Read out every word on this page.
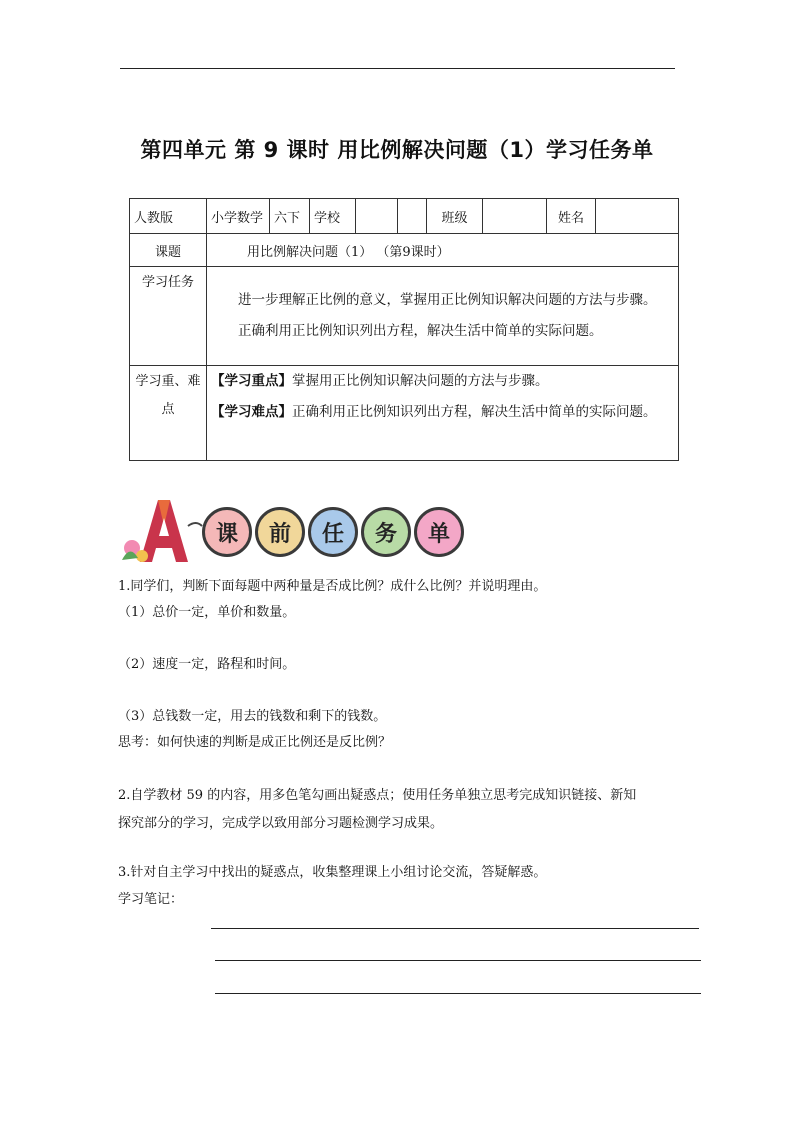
第四单元 第 9 课时 用比例解决问题（1）学习任务单
人教版	小学数学	六下	学校			班级		姓名	
课题	用比例解决问题（1） （第9课时）								
学习任务	进一步理解正比例的意义，掌握用正比例知识解决问题的方法与步骤。

正确利用正比例知识列出方程，解决生活中简单的实际问题。								

学习重、难点	【学习重点】掌握用正比例知识解决问题的方法与步骤。

【学习难点】正确利用正比例知识列出方程，解决生活中简单的实际问题。								

A
课	前	任	务	单
1.同学们，判断下面每题中两种量是否成比例？成什么比例？并说明理由。
（1）总价一定，单价和数量。
（2）速度一定，路程和时间。
（3）总钱数一定，用去的钱数和剩下的钱数。
思考：如何快速的判断是成正比例还是反比例？
2.自学教材 59 的内容，用多色笔勾画出疑惑点；使用任务单独立思考完成知识链接、新知
探究部分的学习，完成学以致用部分习题检测学习成果。
3.针对自主学习中找出的疑惑点，收集整理课上小组讨论交流，答疑解惑。
学习笔记：
